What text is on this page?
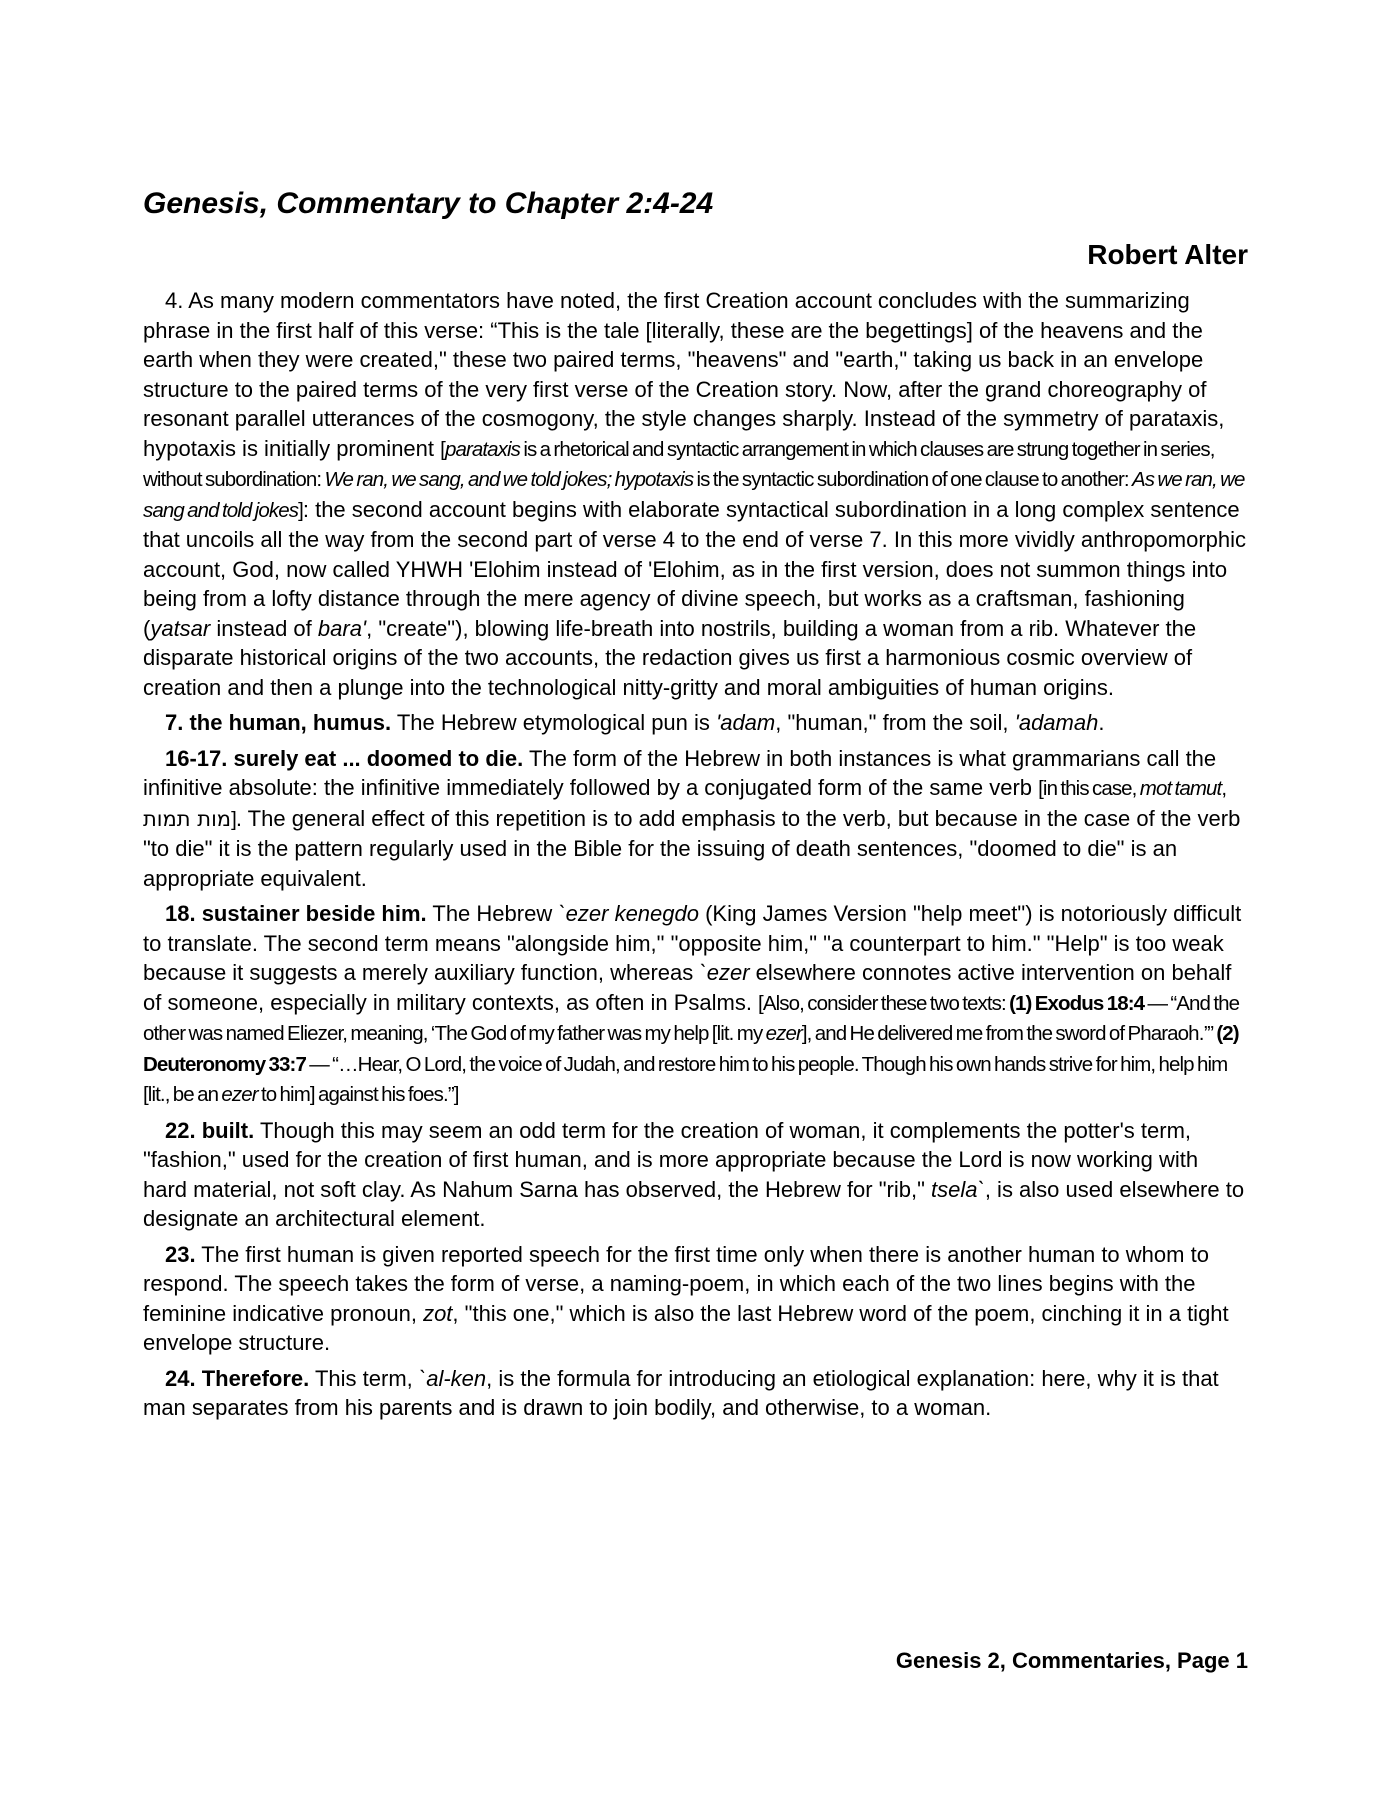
Genesis, Commentary to Chapter 2:4-24
Robert Alter

4. As many modern commentators have noted, the first Creation account concludes with the summarizing phrase in the first half of this verse: “This is the tale [literally, these are the begettings] of the heavens and the earth when they were created," these two paired terms, "heavens" and "earth," taking us back in an envelope structure to the paired terms of the very first verse of the Creation story. Now, after the grand choreography of resonant parallel utterances of the cosmogony, the style changes sharply. Instead of the symmetry of parataxis, hypotaxis is initially prominent [parataxis is a rhetorical and syntactic arrangement in which clauses are strung together in series, without subordination: We ran, we sang, and we told jokes; hypotaxis is the syntactic subordination of one clause to another: As we ran, we sang and told jokes]: the second account begins with elaborate syntactical subordination in a long complex sentence that uncoils all the way from the second part of verse 4 to the end of verse 7. In this more vividly anthropomorphic account, God, now called YHWH 'Elohim instead of 'Elohim, as in the first version, does not summon things into being from a lofty distance through the mere agency of divine speech, but works as a craftsman, fashioning (yatsar instead of bara', "create"), blowing life-breath into nostrils, building a woman from a rib. Whatever the disparate historical origins of the two accounts, the redaction gives us first a harmonious cosmic overview of creation and then a plunge into the technological nitty-gritty and moral ambiguities of human origins.

7. the human, humus. The Hebrew etymological pun is 'adam, "human," from the soil, 'adamah.

16-17. surely eat ... doomed to die. The form of the Hebrew in both instances is what grammarians call the infinitive absolute: the infinitive immediately followed by a conjugated form of the same verb [in this case, mot tamut, מות תמות]. The general effect of this repetition is to add emphasis to the verb, but because in the case of the verb "to die" it is the pattern regularly used in the Bible for the issuing of death sentences, "doomed to die" is an appropriate equivalent.

18. sustainer beside him. The Hebrew `ezer kenegdo (King James Version "help meet") is notoriously difficult to translate. The second term means "alongside him," "opposite him," "a counterpart to him." "Help" is too weak because it suggests a merely auxiliary function, whereas `ezer elsewhere connotes active intervention on behalf of someone, especially in military contexts, as often in Psalms. [Also, consider these two texts: (1) Exodus 18:4 — “And the other was named Eliezer, meaning, ‘The God of my father was my help [lit. my ezer], and He delivered me from the sword of Pharaoh.’” (2) Deuteronomy 33:7 — “…Hear, O Lord, the voice of Judah, and restore him to his people. Though his own hands strive for him, help him [lit., be an ezer to him] against his foes.”]

22. built. Though this may seem an odd term for the creation of woman, it complements the potter's term, "fashion," used for the creation of first human, and is more appropriate because the Lord is now working with hard material, not soft clay. As Nahum Sarna has observed, the Hebrew for "rib," tsela`, is also used elsewhere to designate an architectural element.

23. The first human is given reported speech for the first time only when there is another human to whom to respond. The speech takes the form of verse, a naming-poem, in which each of the two lines begins with the feminine indicative pronoun, zot, "this one," which is also the last Hebrew word of the poem, cinching it in a tight envelope structure.

24. Therefore. This term, `al-ken, is the formula for introducing an etiological explanation: here, why it is that man separates from his parents and is drawn to join bodily, and otherwise, to a woman.

Genesis 2, Commentaries, Page 1
